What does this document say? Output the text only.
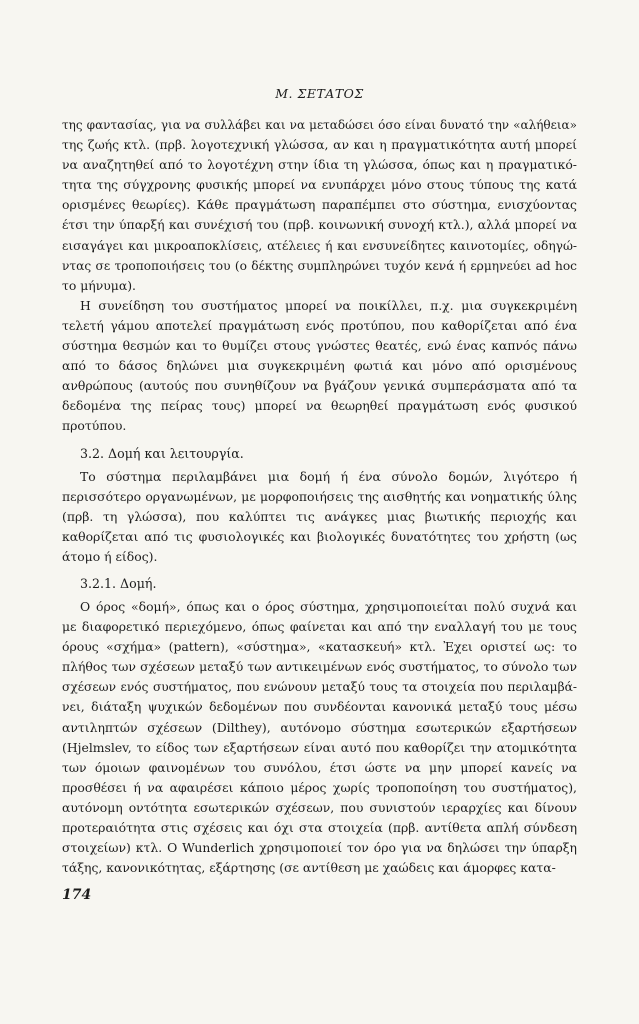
Μ. ΣΕΤΑΤΟΣ
της φαντασίας, για να συλλάβει και να μεταδώσει όσο είναι δυνατό την «αλήθεια»
της ζωής κτλ. (πρβ. λογοτεχνική γλώσσα, αν και η πραγματικότητα αυτή μπορεί
να αναζητηθεί από το λογοτέχνη στην ίδια τη γλώσσα, όπως και η πραγματικό-
τητα της σύγχρονης φυσικής μπορεί να ενυπάρχει μόνο στους τύπους της κατά
ορισμένες θεωρίες). Κάθε πραγμάτωση παραπέμπει στο σύστημα, ενισχύοντας
έτσι την ύπαρξή και συνέχισή του (πρβ. κοινωνική συνοχή κτλ.), αλλά μπορεί να
εισαγάγει και μικροαποκλίσεις, ατέλειες ή και ενσυνείδητες καινοτομίες, οδηγώ-
ντας σε τροποποιήσεις του (ο δέκτης συμπληρώνει τυχόν κενά ή ερμηνεύει ad hoc
το μήνυμα).
Η συνείδηση του συστήματος μπορεί να ποικίλλει, π.χ. μια συγκεκριμένη
τελετή γάμου αποτελεί πραγμάτωση ενός προτύπου, που καθορίζεται από ένα
σύστημα θεσμών και το θυμίζει στους γνώστες θεατές, ενώ ένας καπνός πάνω
από το δάσος δηλώνει μια συγκεκριμένη φωτιά και μόνο από ορισμένους
ανθρώπους (αυτούς που συνηθίζουν να βγάζουν γενικά συμπεράσματα από τα
δεδομένα της πείρας τους) μπορεί να θεωρηθεί πραγμάτωση ενός φυσικού
προτύπου.
3.2. Δομή και λειτουργία.
Το σύστημα περιλαμβάνει μια δομή ή ένα σύνολο δομών, λιγότερο ή
περισσότερο οργανωμένων, με μορφοποιήσεις της αισθητής και νοηματικής ύλης
(πρβ. τη γλώσσα), που καλύπτει τις ανάγκες μιας βιωτικής περιοχής και
καθορίζεται από τις φυσιολογικές και βιολογικές δυνατότητες του χρήστη (ως
άτομο ή είδος).
3.2.1. Δομή.
Ο όρος «δομή», όπως και ο όρος σύστημα, χρησιμοποιείται πολύ συχνά και
με διαφορετικό περιεχόμενο, όπως φαίνεται και από την εναλλαγή του με τους
όρους «σχήμα» (pattern), «σύστημα», «κατασκευή» κτλ. Ἐχει οριστεί ως: το
πλήθος των σχέσεων μεταξύ των αντικειμένων ενός συστήματος, το σύνολο των
σχέσεων ενός συστήματος, που ενώνουν μεταξύ τους τα στοιχεία που περιλαμβά-
νει, διάταξη ψυχικών δεδομένων που συνδέονται κανονικά μεταξύ τους μέσω
αντιληπτών σχέσεων (Dilthey), αυτόνομο σύστημα εσωτερικών εξαρτήσεων
(Hjelmslev, το είδος των εξαρτήσεων είναι αυτό που καθορίζει την ατομικότητα
των όμοιων φαινομένων του συνόλου, έτσι ώστε να μην μπορεί κανείς να
προσθέσει ή να αφαιρέσει κάποιο μέρος χωρίς τροποποίηση του συστήματος),
αυτόνομη οντότητα εσωτερικών σχέσεων, που συνιστούν ιεραρχίες και δίνουν
προτεραιότητα στις σχέσεις και όχι στα στοιχεία (πρβ. αντίθετα απλή σύνδεση
στοιχείων) κτλ. Ο Wunderlich χρησιμοποιεί τον όρο για να δηλώσει την ύπαρξη
τάξης, κανονικότητας, εξάρτησης (σε αντίθεση με χαώδεις και άμορφες κατα-
174
